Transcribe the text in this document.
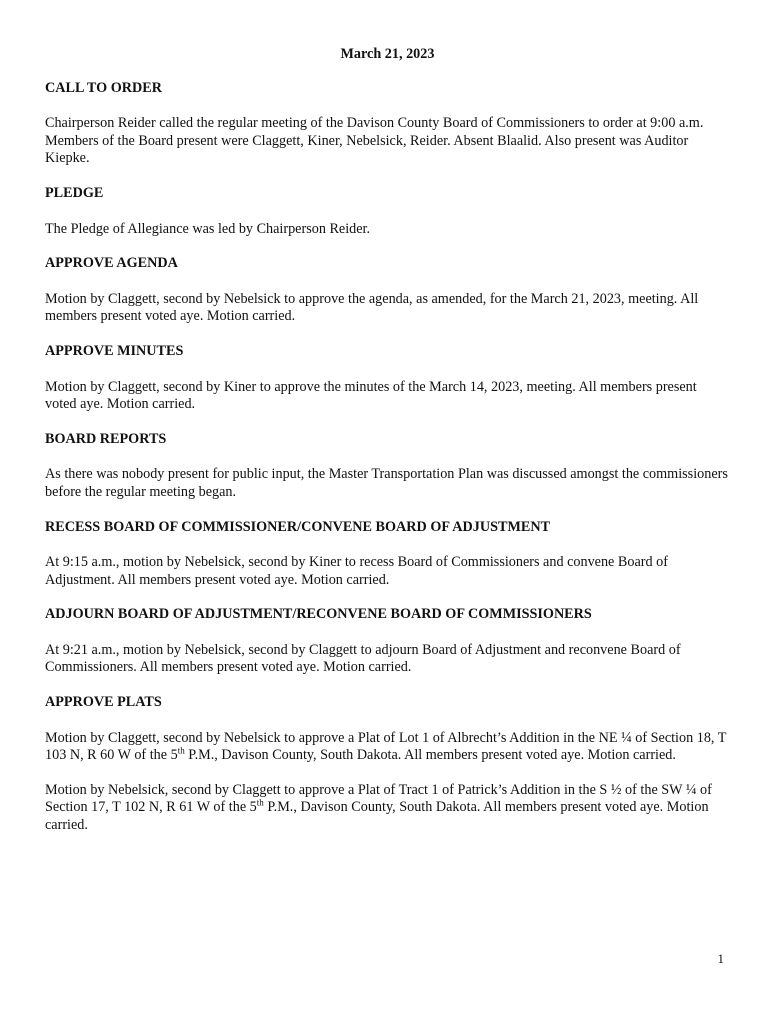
March 21, 2023
CALL TO ORDER
Chairperson Reider called the regular meeting of the Davison County Board of Commissioners to order at 9:00 a.m. Members of the Board present were Claggett, Kiner, Nebelsick, Reider. Absent Blaalid. Also present was Auditor Kiepke.
PLEDGE
The Pledge of Allegiance was led by Chairperson Reider.
APPROVE AGENDA
Motion by Claggett, second by Nebelsick to approve the agenda, as amended, for the March 21, 2023, meeting. All members present voted aye. Motion carried.
APPROVE MINUTES
Motion by Claggett, second by Kiner to approve the minutes of the March 14, 2023, meeting. All members present voted aye. Motion carried.
BOARD REPORTS
As there was nobody present for public input, the Master Transportation Plan was discussed amongst the commissioners before the regular meeting began.
RECESS BOARD OF COMMISSIONER/CONVENE BOARD OF ADJUSTMENT
At 9:15 a.m., motion by Nebelsick, second by Kiner to recess Board of Commissioners and convene Board of Adjustment. All members present voted aye. Motion carried.
ADJOURN BOARD OF ADJUSTMENT/RECONVENE BOARD OF COMMISSIONERS
At 9:21 a.m., motion by Nebelsick, second by Claggett to adjourn Board of Adjustment and reconvene Board of Commissioners. All members present voted aye. Motion carried.
APPROVE PLATS
Motion by Claggett, second by Nebelsick to approve a Plat of Lot 1 of Albrecht’s Addition in the NE ¼ of Section 18, T 103 N, R 60 W of the 5th P.M., Davison County, South Dakota. All members present voted aye. Motion carried.
Motion by Nebelsick, second by Claggett to approve a Plat of Tract 1 of Patrick’s Addition in the S ½ of the SW ¼ of Section 17, T 102 N, R 61 W of the 5th P.M., Davison County, South Dakota. All members present voted aye. Motion carried.
1
